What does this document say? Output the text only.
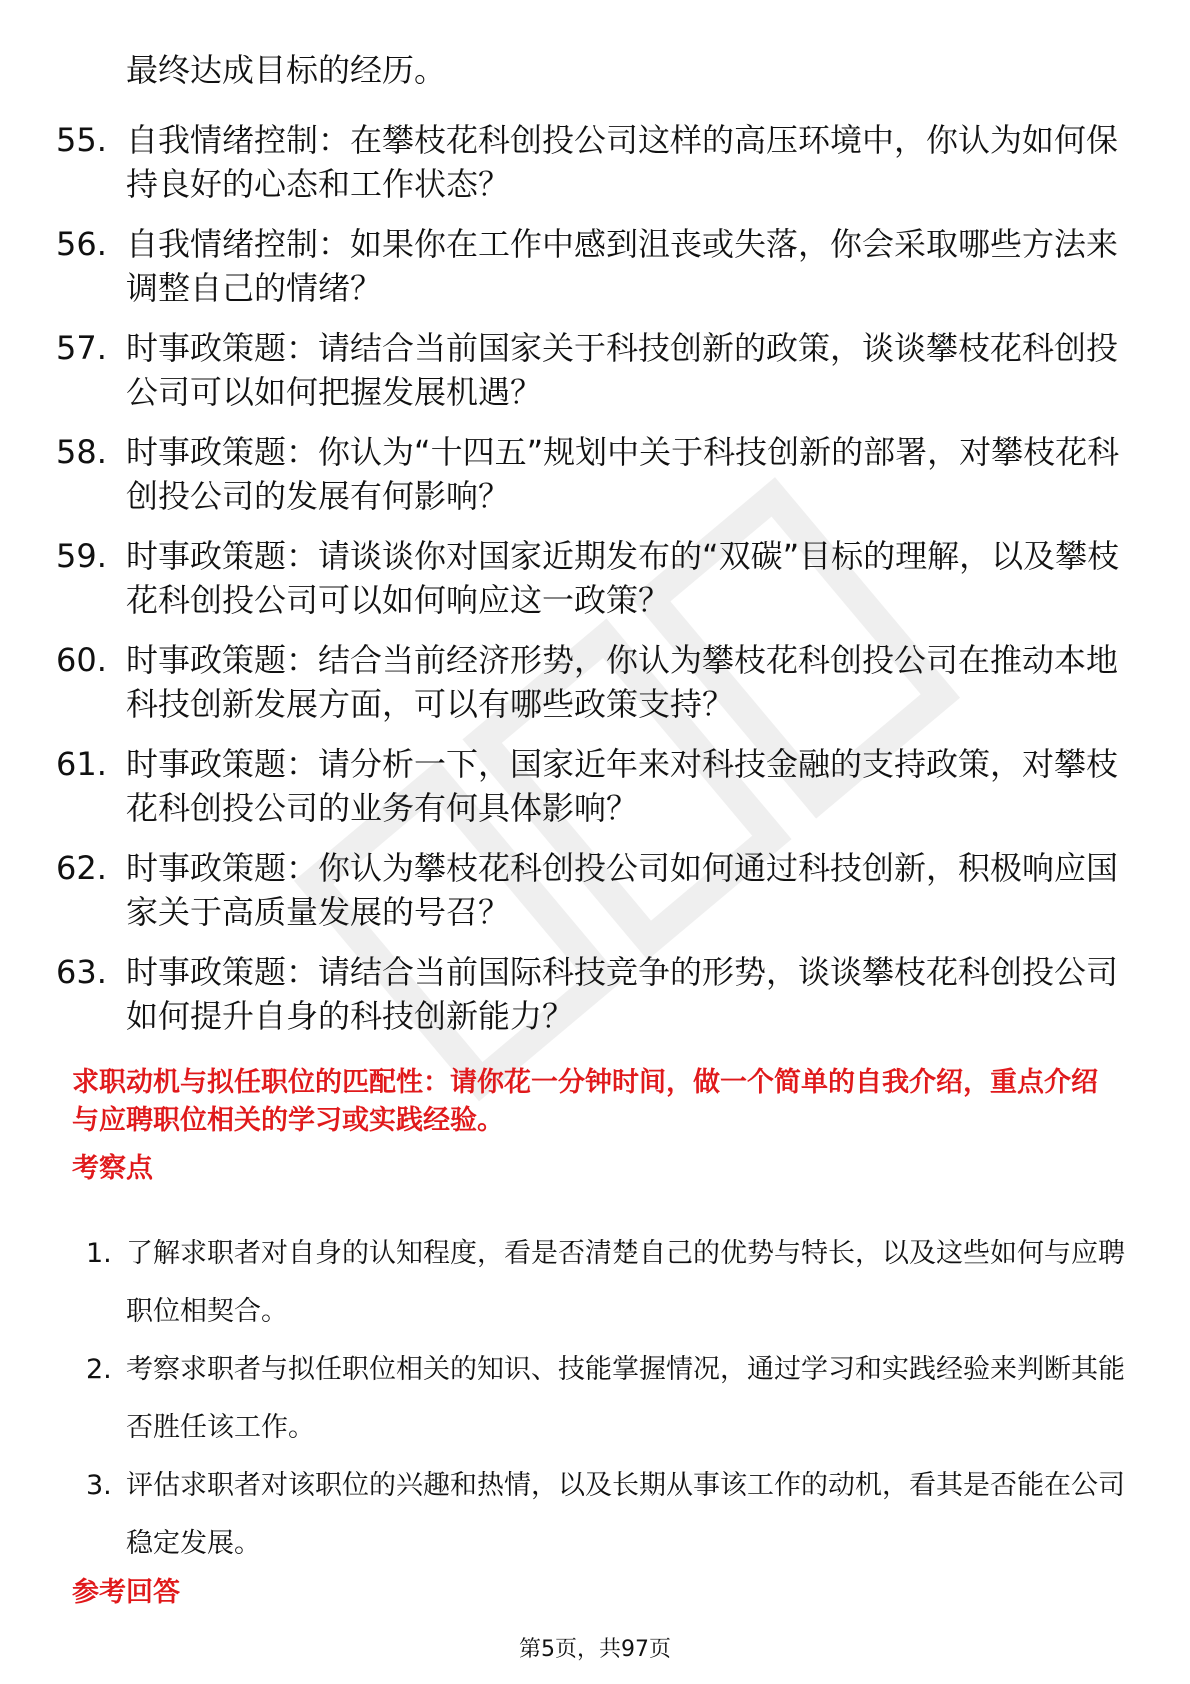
最终达成目标的经历。
55. 自我情绪控制：在攀枝花科创投公司这样的高压环境中，你认为如何保持良好的心态和工作状态？
56. 自我情绪控制：如果你在工作中感到沮丧或失落，你会采取哪些方法来调整自己的情绪？
57. 时事政策题：请结合当前国家关于科技创新的政策，谈谈攀枝花科创投公司可以如何把握发展机遇？
58. 时事政策题：你认为“十四五”规划中关于科技创新的部署，对攀枝花科创投公司的发展有何影响？
59. 时事政策题：请谈谈你对国家近期发布的“双碳”目标的理解，以及攀枝花科创投公司可以如何响应这一政策？
60. 时事政策题：结合当前经济形势，你认为攀枝花科创投公司在推动本地科技创新发展方面，可以有哪些政策支持？
61. 时事政策题：请分析一下，国家近年来对科技金融的支持政策，对攀枝花科创投公司的业务有何具体影响？
62. 时事政策题：你认为攀枝花科创投公司如何通过科技创新，积极响应国家关于高质量发展的号召？
63. 时事政策题：请结合当前国际科技竞争的形势，谈谈攀枝花科创投公司如何提升自身的科技创新能力？
求职动机与拟任职位的匹配性：请你花一分钟时间，做一个简单的自我介绍，重点介绍与应聘职位相关的学习或实践经验。
考察点
1. 了解求职者对自身的认知程度，看是否清楚自己的优势与特长，以及这些如何与应聘职位相契合。
2. 考察求职者与拟任职位相关的知识、技能掌握情况，通过学习和实践经验来判断其能否胜任该工作。
3. 评估求职者对该职位的兴趣和热情，以及长期从事该工作的动机，看其是否能在公司稳定发展。
参考回答
第5页，共97页
